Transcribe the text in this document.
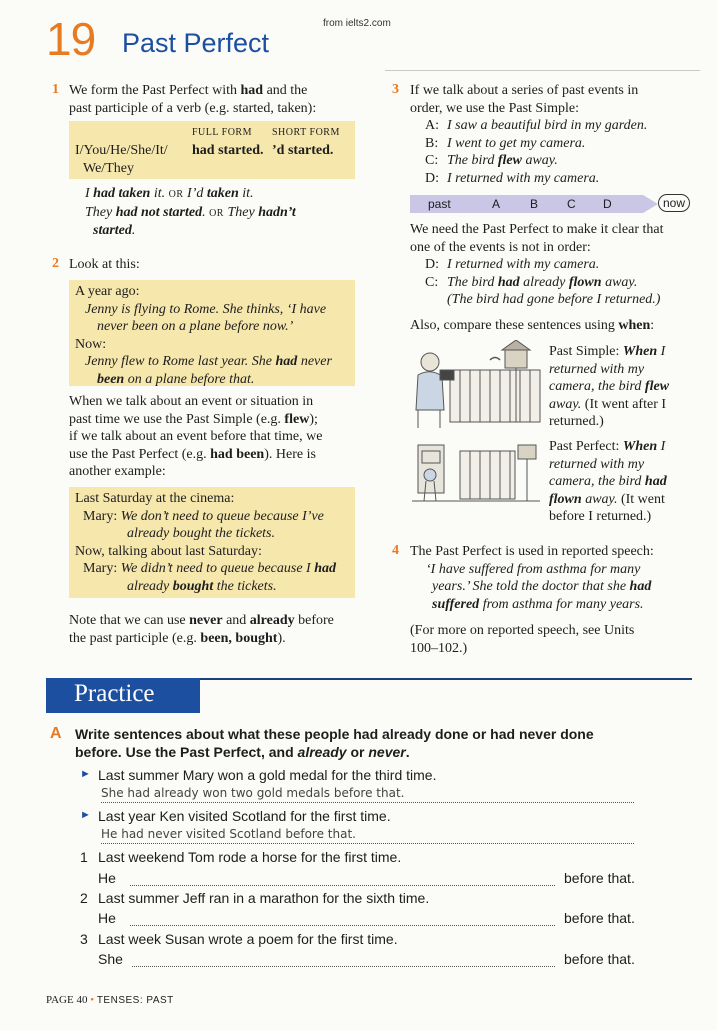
19 Past Perfect
from ielts2.com
1 We form the Past Perfect with had and the
past participle of a verb (e.g. started, taken):
FULL FORM SHORT FORM
I/You/He/She/It/
We/They
had started. ’d started.
I had taken it. OR I’d taken it.
They had not started. OR They hadn’t
started.
2 Look at this:
A year ago:
Jenny is flying to Rome. She thinks, ‘I have
never been on a plane before now.’
Now:
Jenny flew to Rome last year. She had never
been on a plane before that.
When we talk about an event or situation in
past time we use the Past Simple (e.g. flew);
if we talk about an event before that time, we
use the Past Perfect (e.g. had been). Here is
another example:
Last Saturday at the cinema:
Mary: We don’t need to queue because I’ve
already bought the tickets.
Now, talking about last Saturday:
Mary: We didn’t need to queue because I had
already bought the tickets.
Note that we can use never and already before
the past participle (e.g. been, bought).
3 If we talk about a series of past events in
order, we use the Past Simple:
A: I saw a beautiful bird in my garden.
B: I went to get my camera.
C: The bird flew away.
D: I returned with my camera.
past	A B C D	now
We need the Past Perfect to make it clear that
one of the events is not in order:
D: I returned with my camera.
C: The bird had already flown away.
(The bird had gone before I returned.)
Also, compare these sentences using when:
Past Simple: When I
returned with my
camera, the bird flew
away. (It went after I
returned.)
Past Perfect: When I
returned with my
camera, the bird had
flown away. (It went
before I returned.)
4 The Past Perfect is used in reported speech:
‘I have suffered from asthma for many
years.’ She told the doctor that she had
suffered from asthma for many years.
(For more on reported speech, see Units
100–102.)
Practice
A Write sentences about what these people had already done or had never done
before. Use the Past Perfect, and already or never.
► Last summer Mary won a gold medal for the third time.
She had already won two gold medals before that.
► Last year Ken visited Scotland for the first time.
He had never visited Scotland before that.
1 Last weekend Tom rode a horse for the first time.
He	before that.
2 Last summer Jeff ran in a marathon for the sixth time.
He	before that.
3 Last week Susan wrote a poem for the first time.
She	before that.
PAGE 40 • TENSES: PAST
